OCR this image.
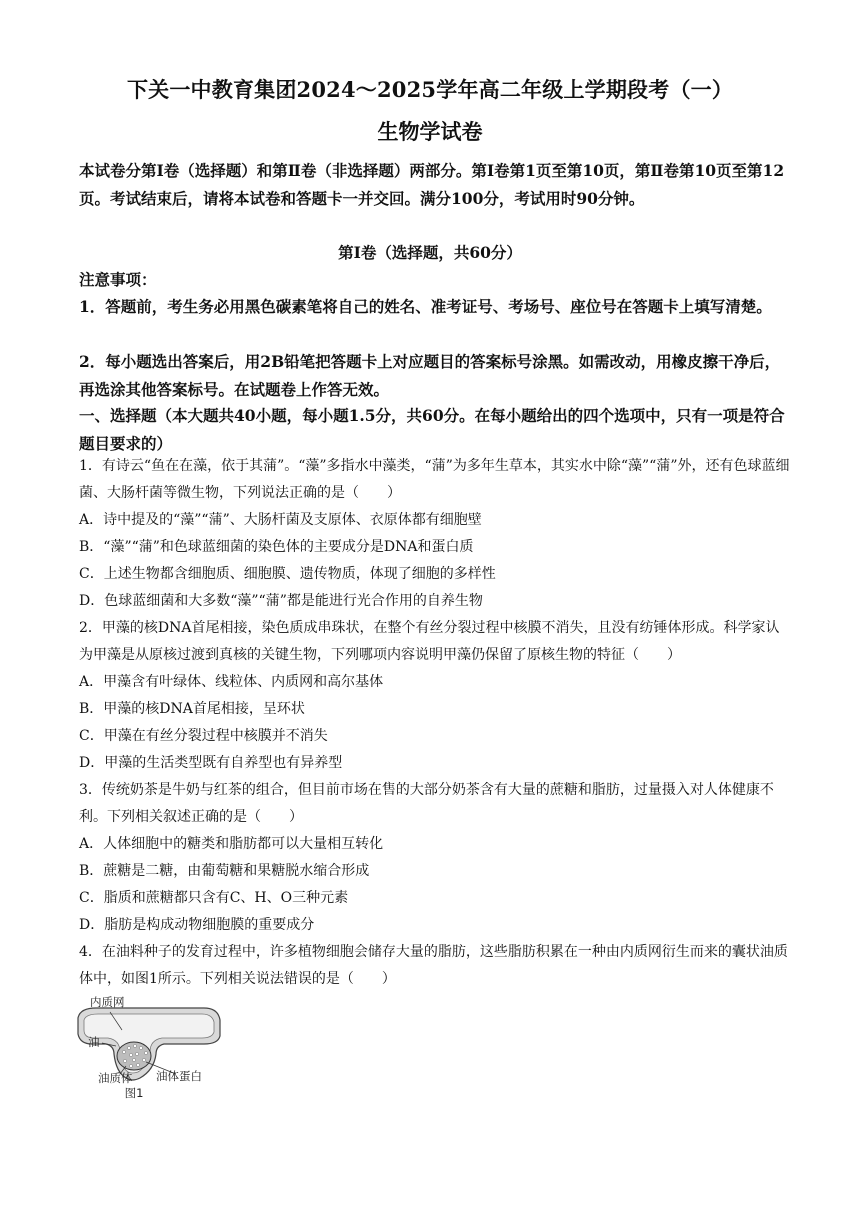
下关一中教育集团2024～2025学年高二年级上学期段考（一）
生物学试卷
本试卷分第Ⅰ卷（选择题）和第Ⅱ卷（非选择题）两部分。第Ⅰ卷第1页至第10页，第Ⅱ卷第10页至第12页。考试结束后，请将本试卷和答题卡一并交回。满分100分，考试用时90分钟。
第Ⅰ卷（选择题，共60分）
注意事项：
1．答题前，考生务必用黑色碳素笔将自己的姓名、准考证号、考场号、座位号在答题卡上填写清楚。
2．每小题选出答案后，用2B铅笔把答题卡上对应题目的答案标号涂黑。如需改动，用橡皮擦干净后，再选涂其他答案标号。在试题卷上作答无效。
一、选择题（本大题共40小题，每小题1.5分，共60分。在每小题给出的四个选项中，只有一项是符合题目要求的）
1．有诗云“鱼在在藻，依于其蒲”。“藻”多指水中藻类，“蒲”为多年生草本，其实水中除“藻”“蒲”外，还有色球蓝细菌、大肠杆菌等微生物，下列说法正确的是（　　）
A．诗中提及的“藻”“蒲”、大肠杆菌及支原体、衣原体都有细胞壁
B．“藻”“蒲”和色球蓝细菌的染色体的主要成分是DNA和蛋白质
C．上述生物都含细胞质、细胞膜、遗传物质，体现了细胞的多样性
D．色球蓝细菌和大多数“藻”“蒲”都是能进行光合作用的自养生物
2．甲藻的核DNA首尾相接，染色质成串珠状，在整个有丝分裂过程中核膜不消失，且没有纺锤体形成。科学家认为甲藻是从原核过渡到真核的关键生物，下列哪项内容说明甲藻仍保留了原核生物的特征（　　）
A．甲藻含有叶绿体、线粒体、内质网和高尔基体
B．甲藻的核DNA首尾相接，呈环状
C．甲藻在有丝分裂过程中核膜并不消失
D．甲藻的生活类型既有自养型也有异养型
3．传统奶茶是牛奶与红茶的组合，但目前市场在售的大部分奶茶含有大量的蔗糖和脂肪，过量摄入对人体健康不利。下列相关叙述正确的是（　　）
A．人体细胞中的糖类和脂肪都可以大量相互转化
B．蔗糖是二糖，由葡萄糖和果糖脱水缩合形成
C．脂质和蔗糖都只含有C、H、O三种元素
D．脂肪是构成动物细胞膜的重要成分
4．在油料种子的发育过程中，许多植物细胞会储存大量的脂肪，这些脂肪积累在一种由内质网衍生而来的囊状油质体中，如图1所示。下列相关说法错误的是（　　）
内质网
油
油质体 油体蛋白
图1
